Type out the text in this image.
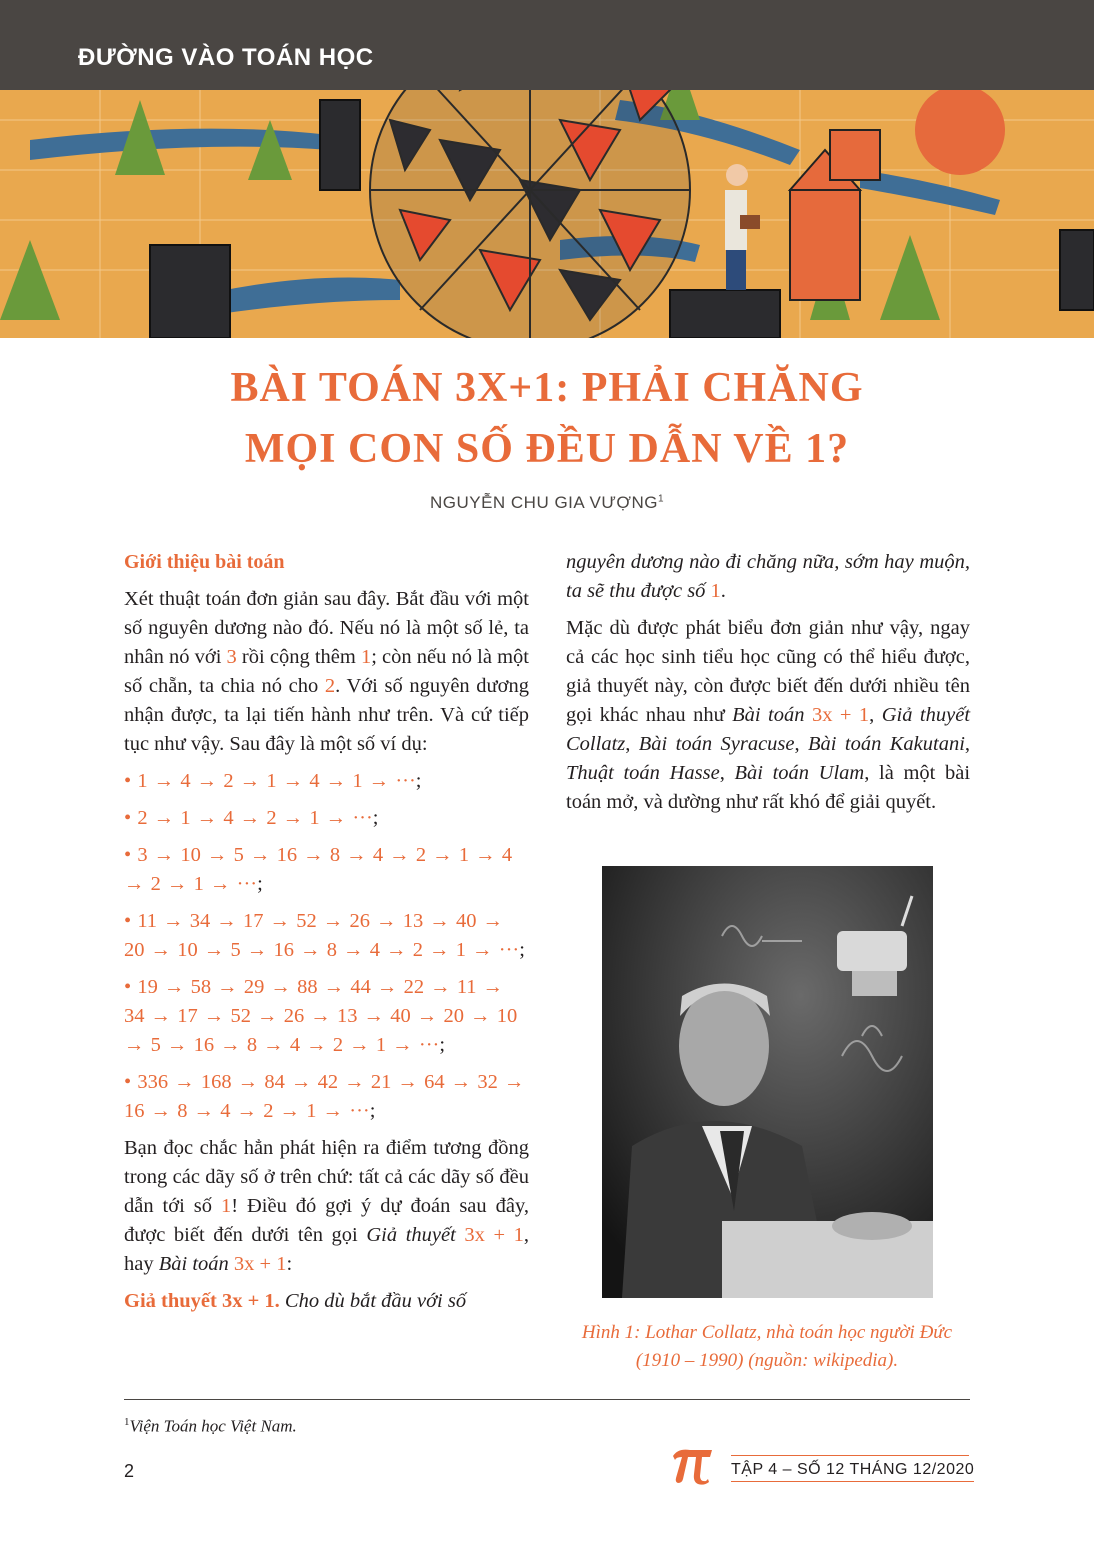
ĐƯỜNG VÀO TOÁN HỌC
BÀI TOÁN 3X+1: PHẢI CHĂNG
MỌI CON SỐ ĐỀU DẪN VỀ 1?
NGUYỄN CHU GIA VƯỢNG$^1$
Giới thiệu bài toán

Xét thuật toán đơn giản sau đây. Bắt đầu với một số nguyên dương nào đó. Nếu nó là một số lẻ, ta nhân nó với 3 rồi cộng thêm 1; còn nếu nó là một số chẵn, ta chia nó cho 2. Với số nguyên dương nhận được, ta lại tiến hành như trên. Và cứ tiếp tục như vậy. Sau đây là một số ví dụ:

• 1 → 4 → 2 → 1 → 4 → 1 → ···;

• 2 → 1 → 4 → 2 → 1 → ···;

• 3 → 10 → 5 → 16 → 8 → 4 → 2 → 1 → 4 → 2 → 1 → ···;

• 11 → 34 → 17 → 52 → 26 → 13 → 40 → 20 → 10 → 5 → 16 → 8 → 4 → 2 → 1 → ···;

• 19 → 58 → 29 → 88 → 44 → 22 → 11 → 34 → 17 → 52 → 26 → 13 → 40 → 20 → 10 → 5 → 16 → 8 → 4 → 2 → 1 → ···;

• 336 → 168 → 84 → 42 → 21 → 64 → 32 → 16 → 8 → 4 → 2 → 1 → ···;

Bạn đọc chắc hẳn phát hiện ra điểm tương đồng trong các dãy số ở trên chứ: tất cả các dãy số đều dẫn tới số 1! Điều đó gợi ý dự đoán sau đây, được biết đến dưới tên gọi Giả thuyết 3x + 1, hay Bài toán 3x + 1:

Giả thuyết 3x + 1. Cho dù bắt đầu với số

nguyên dương nào đi chăng nữa, sớm hay muộn, ta sẽ thu được số 1.

Mặc dù được phát biểu đơn giản như vậy, ngay cả các học sinh tiểu học cũng có thể hiểu được, giả thuyết này, còn được biết đến dưới nhiều tên gọi khác nhau như Bài toán 3x + 1, Giả thuyết Collatz, Bài toán Syracuse, Bài toán Kakutani, Thuật toán Hasse, Bài toán Ulam, là một bài toán mở, và dường như rất khó để giải quyết.

Hình 1: Lothar Collatz, nhà toán học người Đức
(1910 – 1990) (nguồn: wikipedia).
$^1$Viện Toán học Việt Nam.
2	TẬP 4 – SỐ 12 THÁNG 12/2020
